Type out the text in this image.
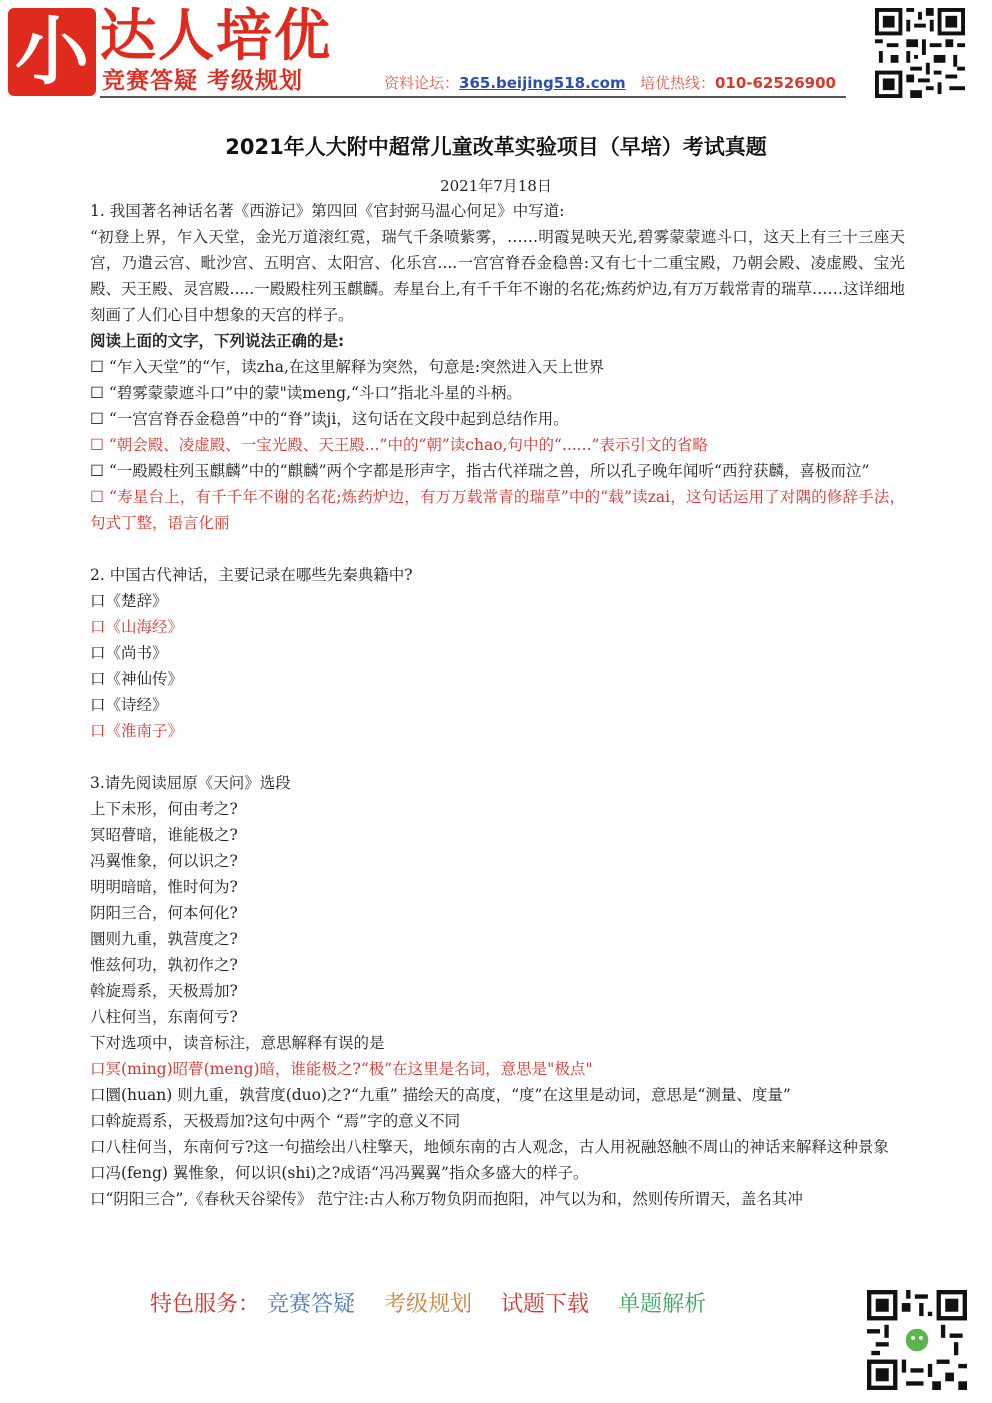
小 达人培优
竞赛答疑 考级规划	资料论坛：365.beijing518.com 培优热线：010-62526900
2021年人大附中超常儿童改革实验项目（早培）考试真题
2021年7月18日

1. 我国著名神话名著《西游记》第四回《官封弼马温心何足》中写道:

“初登上界，乍入天堂，金光万道滚红霓，瑞气千条喷紫雾，……明霞晃映天光,碧雾蒙蒙遮斗口，这天上有三十三座天宫，乃遣云宫、毗沙宫、五明宫、太阳宫、化乐宫....一宫宫脊吞金稳兽:又有七十二重宝殿，乃朝会殿、凌虚殿、宝光殿、天王殿、灵宫殿.....一殿殿柱列玉麒麟。寿星台上,有千千年不谢的名花;炼药炉边,有万万载常青的瑞草……这详细地刻画了人们心目中想象的天宫的样子。

阅读上面的文字，下列说法正确的是:

☐ “乍入天堂”的“乍，读zha,在这里解释为突然，句意是:突然进入天上世界

☐ “碧雾蒙蒙遮斗口”中的蒙"读meng,“斗口”指北斗星的斗柄。

☐ “一宫宫脊吞金稳兽”中的“脊”读ji，这句话在文段中起到总结作用。

☐ “朝会殿、凌虚殿、一宝光殿、天王殿...”中的“朝”读chao,句中的“......”表示引文的省略

☐ “一殿殿柱列玉麒麟”中的“麒麟”两个字都是形声字，指古代祥瑞之兽，所以孔子晚年闻听“西狩获麟，喜极而泣”

☐ “寿星台上，有千千年不谢的名花;炼药炉边，有万万载常青的瑞草”中的“载”读zai，这句话运用了对隅的修辞手法，句式丁整，语言化丽

2. 中国古代神话，主要记录在哪些先秦典籍中?

口《楚辞》

口《山海经》

口《尚书》

口《神仙传》

口《诗经》

口《淮南子》

3.请先阅读屈原《天问》选段

上下未形，何由考之?

冥昭瞢暗，谁能极之?

冯翼惟象，何以识之?

明明暗暗，惟时何为?

阴阳三合，何本何化?

圜则九重，孰营度之?

惟兹何功，孰初作之?

斡旋焉系，天极焉加?

八柱何当，东南何亏?

下对选项中，读音标注，意思解释有误的是

口冥(ming)昭瞢(meng)暗，谁能极之?“极”在这里是名词，意思是"极点"

口圜(huan) 则九重，孰营度(duo)之?“九重” 描绘天的高度，“度”在这里是动词，意思是“测量、度量”

口斡旋焉系，天极焉加?这句中两个 “焉”字的意义不同

口八柱何当，东南何亏?这一句描绘出八柱擎天，地倾东南的古人观念，古人用祝融怒触不周山的神话来解释这种景象

口冯(feng) 翼惟象，何以识(shi)之?成语“冯冯翼翼”指众多盛大的样子。

口“阴阳三合”,《春秋天谷梁传》 范宁注:古人称万物负阴而抱阳，冲气以为和，然则传所谓天，盖名其冲

特色服务： 竞赛答疑 考级规划 试题下载 单题解析
